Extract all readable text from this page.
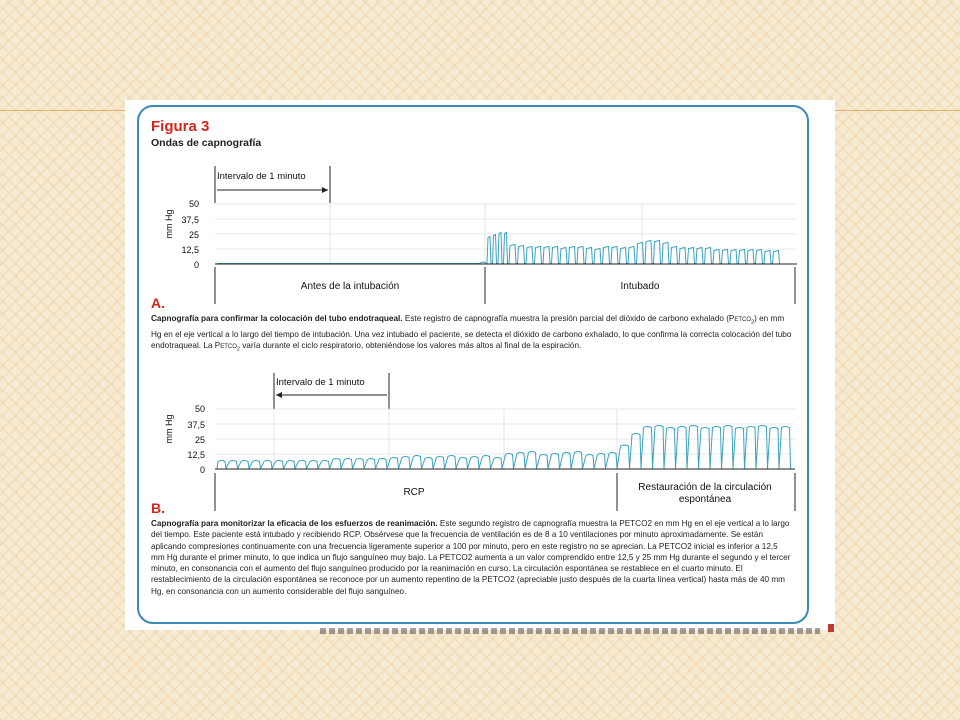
Figura 3
Ondas de capnografía
Intervalo de 1 minuto
mm Hg
50
37,5
25
12,5
0
Antes de la intubación	Intubado
A.
Capnografía para confirmar la colocación del tubo endotraqueal. Este registro de capnografía muestra la presión parcial del dióxido de carbono exhalado $(PETCO_2)$ en mm Hg en el eje vertical a lo largo del tiempo de intubación. Una vez intubado el paciente, se detecta el dióxido de carbono exhalado, lo que confirma la correcta colocación del tubo endotraqueal. La $PETCO_2$ varía durante el ciclo respiratorio, obteniéndose los valores más altos al final de la espiración.
Intervalo de 1 minuto
mm Hg
50
37,5
25
12,5
0
RCP	Restauración de la circulación
espontánea
B.
Capnografía para monitorizar la eficacia de los esfuerzos de reanimación. Este segundo registro de capnografía muestra la PETCO2 en mm Hg en el eje vertical a lo largo del tiempo. Este paciente está intubado y recibiendo RCP. Obsérvese que la frecuencia de ventilación es de 8 a 10 ventilaciones por minuto aproximadamente. Se están aplicando compresiones continuamente con una frecuencia ligeramente superior a 100 por minuto, pero en este registro no se aprecian. La PETCO2 inicial es inferior a 12,5 mm Hg durante el primer minuto, lo que indica un flujo sanguíneo muy bajo. La PETCO2 aumenta a un valor comprendido entre 12,5 y 25 mm Hg durante el segundo y el tercer minuto, en consonancia con el aumento del flujo sanguíneo producido por la reanimación en curso. La circulación espontánea se restablece en el cuarto minuto. El restablecimiento de la circulación espontánea se reconoce por un aumento repentino de la PETCO2 (apreciable justo después de la cuarta línea vertical) hasta más de 40 mm Hg, en consonancia con un aumento considerable del flujo sanguíneo.
